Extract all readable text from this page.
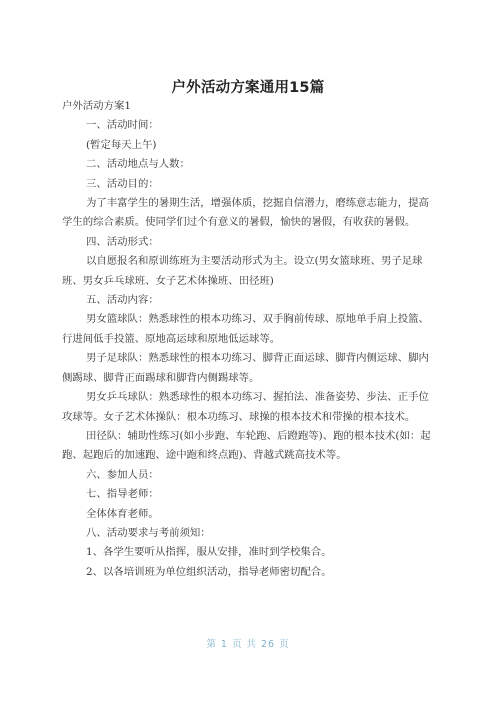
户外活动方案通用15篇

户外活动方案1

一、活动时间：

(暂定每天上午)

二、活动地点与人数：

三、活动目的：

为了丰富学生的暑期生活，增强体质，挖掘自信潜力，磨练意志能力，提高学生的综合素质。使同学们过个有意义的暑假，愉快的暑假，有收获的暑假。

四、活动形式：

以自愿报名和原训练班为主要活动形式为主。设立(男女篮球班、男子足球班、男女乒乓球班、女子艺术体操班、田径班)

五、活动内容：

男女篮球队：熟悉球性的根本功练习、双手胸前传球、原地单手肩上投篮、行进间低手投篮、原地高运球和原地低运球等。

男子足球队：熟悉球性的根本功练习、脚背正面运球、脚背内侧运球、脚内侧踢球、脚背正面踢球和脚背内侧踢球等。

男女乒乓球队：熟悉球性的根本功练习、握拍法、准备姿势、步法、正手位攻球等。女子艺术体操队：根本功练习、球操的根本技术和带操的根本技术。

田径队：辅助性练习(如小步跑、车轮跑、后蹬跑等)、跑的根本技术(如：起跑、起跑后的加速跑、途中跑和终点跑)、背越式跳高技术等。

六、参加人员：

七、指导老师：

全体体育老师。

八、活动要求与考前须知：

1、各学生要听从指挥，服从安排，准时到学校集合。

2、以各培训班为单位组织活动，指导老师密切配合。

第 1 页 共 26 页
